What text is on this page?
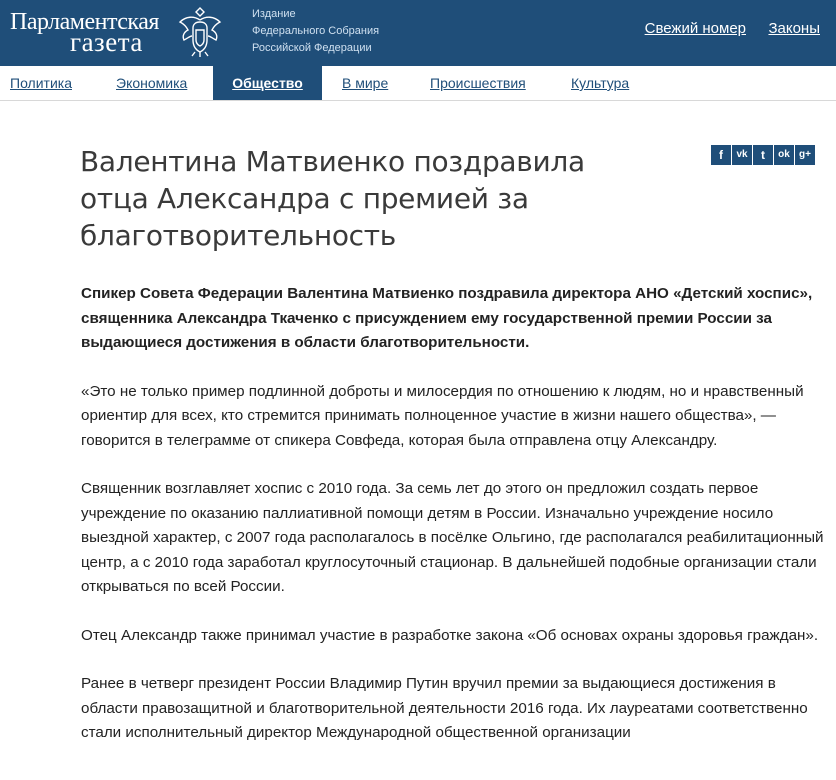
Парламентская
газета
Издание
Федерального Собрания
Российской Федерации
Свежий номер Законы
Политика	Экономика	Общество	В мире	Происшествия	Культура
Валентина Матвиенко поздравила отца Александра с премией за благотворительность
f vk t ok g+

Спикер Совета Федерации Валентина Матвиенко поздравила директора АНО «Детский хоспис», священника Александра Ткаченко с присуждением ему государственной премии России за выдающиеся достижения в области благотворительности.

«Это не только пример подлинной доброты и милосердия по отношению к людям, но и нравственный ориентир для всех, кто стремится принимать полноценное участие в жизни нашего общества», — говорится в телеграмме от спикера Совфеда, которая была отправлена отцу Александру.

Священник возглавляет хоспис с 2010 года. За семь лет до этого он предложил создать первое учреждение по оказанию паллиативной помощи детям в России. Изначально учреждение носило выездной характер, с 2007 года располагалось в посёлке Ольгино, где располагался реабилитационный центр, а с 2010 года заработал круглосуточный стационар. В дальнейшей подобные организации стали открываться по всей России.

Отец Александр также принимал участие в разработке закона «Об основах охраны здоровья граждан».

Ранее в четверг президент России Владимир Путин вручил премии за выдающиеся достижения в области правозащитной и благотворительной деятельности 2016 года. Их лауреатами соответственно стали исполнительный директор Международной общественной организации
